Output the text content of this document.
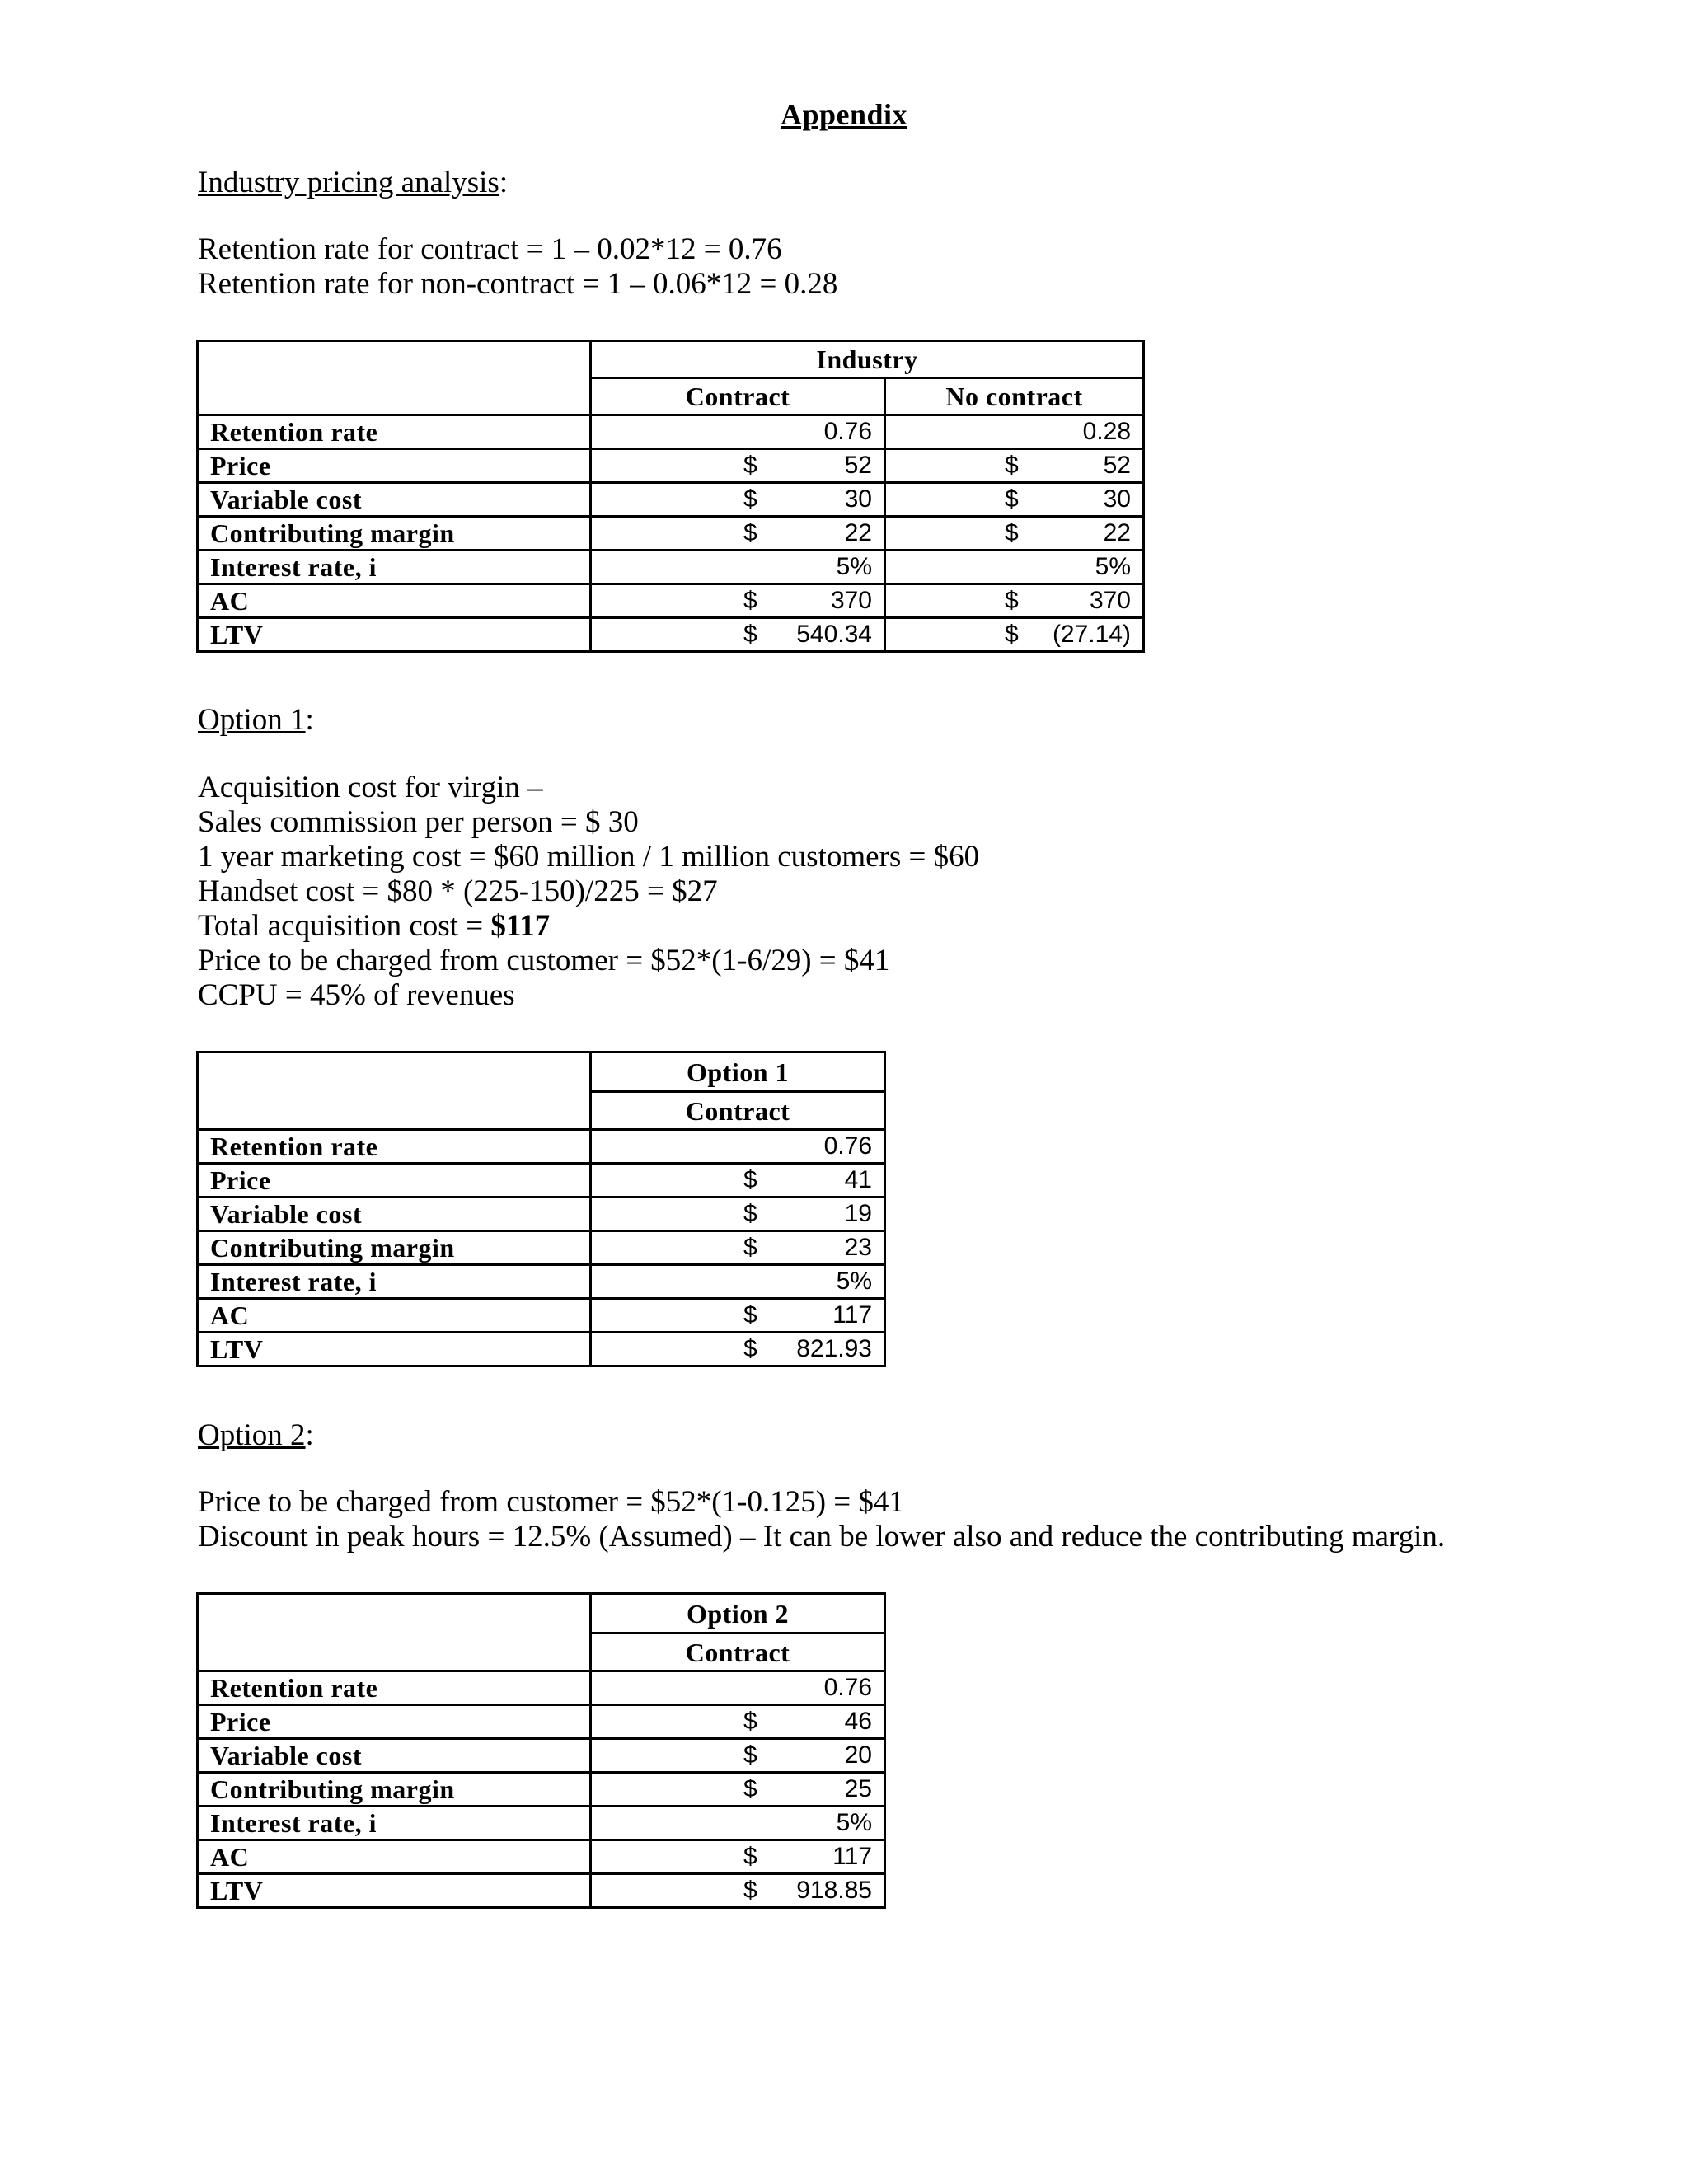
Appendix
Industry pricing analysis:
Retention rate for contract = 1 – 0.02*12 = 0.76
Retention rate for non-contract = 1 – 0.06*12 = 0.28
	Industry	
	Contract	No contract
Retention rate	0.76	0.28

Price	$ 52	$ 52

Variable cost	$ 30	$ 30

Contributing margin	$ 22	$ 22

Interest rate, i	5%	5%

AC	$ 370	$ 370

LTV	$ 540.34	$ (27.14)
Option 1:
Acquisition cost for virgin –
Sales commission per person = $ 30
1 year marketing cost = $60 million / 1 million customers = $60
Handset cost = $80 * (225-150)/225 = $27
Total acquisition cost = $117
Price to be charged from customer = $52*(1-6/29) = $41
CCPU = 45% of revenues
	Option 1
	Contract
Retention rate	0.76

Price	$ 41

Variable cost	$ 19

Contributing margin	$ 23

Interest rate, i	5%

AC	$ 117

LTV	$ 821.93
Option 2:
Price to be charged from customer = $52*(1-0.125) = $41
Discount in peak hours = 12.5% (Assumed) – It can be lower also and reduce the contributing margin.
	Option 2
	Contract
Retention rate	0.76

Price	$ 46

Variable cost	$ 20

Contributing margin	$ 25

Interest rate, i	5%

AC	$ 117

LTV	$ 918.85
